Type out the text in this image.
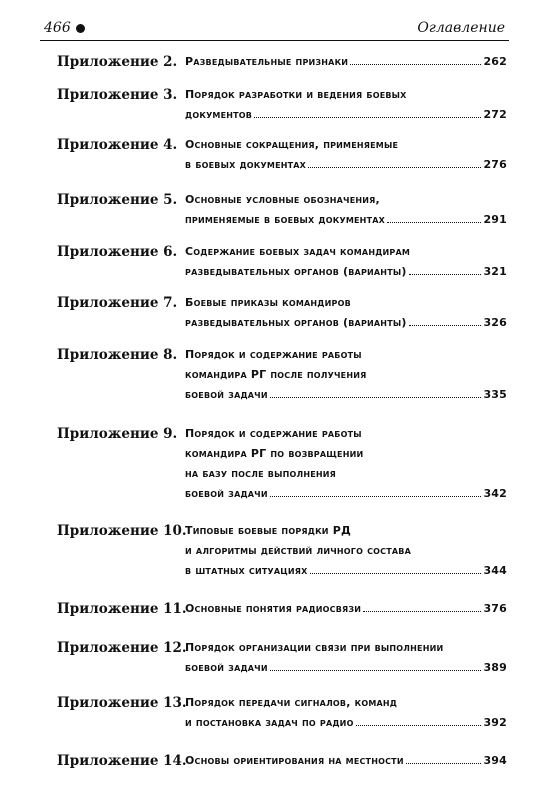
466	Оглавление
Приложение 2. Разведывательные признаки	262
Приложение 3. Порядок разработки и ведения боевых
документов	272
Приложение 4. Основные сокращения, применяемые
в боевых документах	276
Приложение 5. Основные условные обозначения,
применяемые в боевых документах	291
Приложение 6. Содержание боевых задач командирам
разведывательных органов (варианты)	321
Приложение 7. Боевые приказы командиров
разведывательных органов (варианты)	326
Приложение 8. Порядок и содержание работы
командира РГ после получения
боевой задачи	335
Приложение 9. Порядок и содержание работы
командира РГ по возвращении
на базу после выполнения
боевой задачи	342
Приложение 10.
Типовые боевые порядки РД
и алгоритмы действий личного состава
в штатных ситуациях	344
Приложение 11.
Основные понятия радиосвязи	376
Приложение 12.
Порядок организации связи при выполнении
боевой задачи	389
Приложение 13.
Порядок передачи сигналов, команд
и постановка задач по радио	392
Приложение 14.
Основы ориентирования на местности	394
